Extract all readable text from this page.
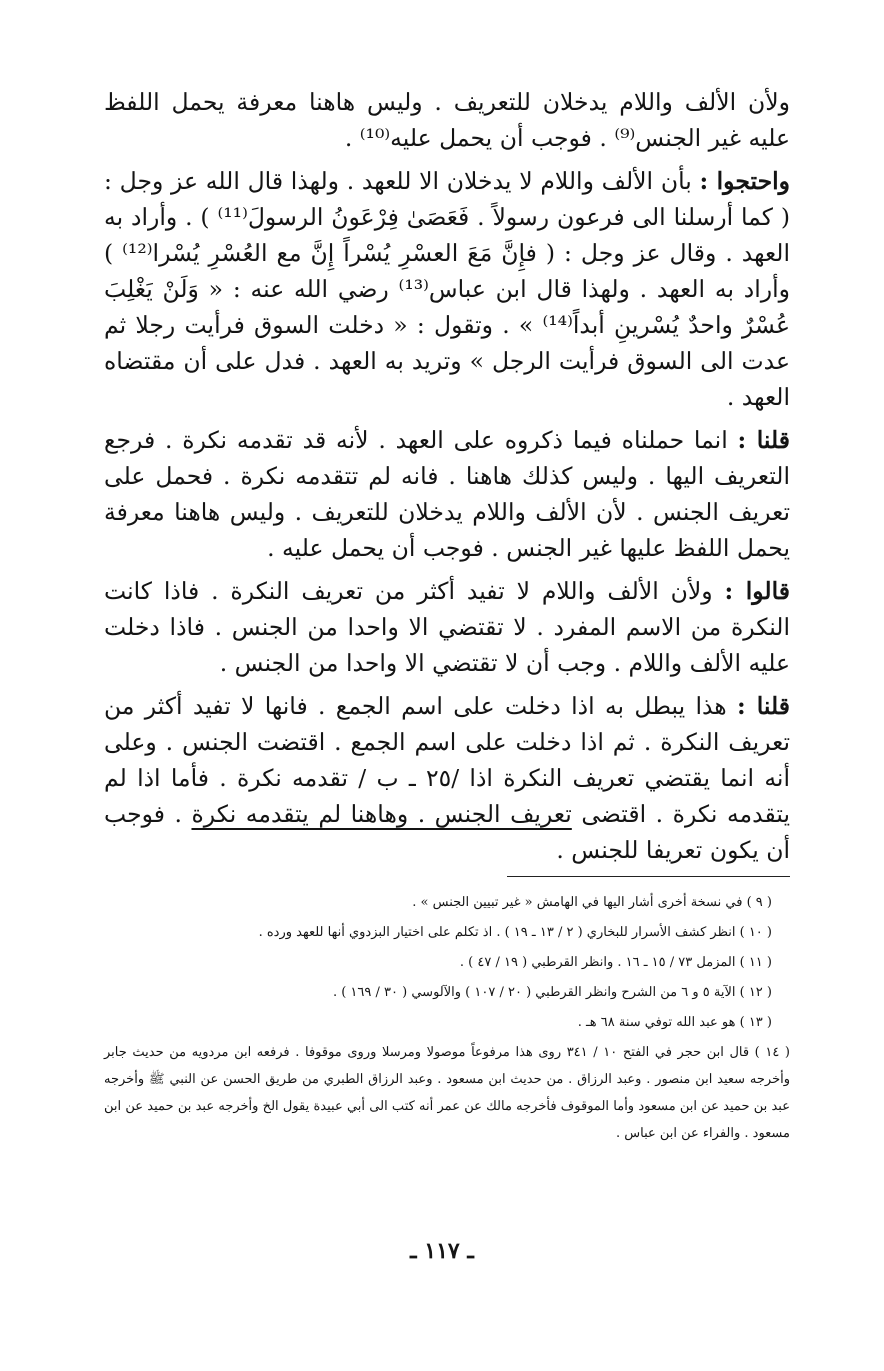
ولأن الألف واللام يدخلان للتعريف . وليس هاهنا معرفة يحمل اللفظ عليه غير الجنس⁽⁹⁾ . فوجب أن يحمل عليه⁽¹⁰⁾ .

واحتجوا : بأن الألف واللام لا يدخلان الا للعهد . ولهذا قال الله عز وجل : ( كما أرسلنا الى فرعون رسولاً . فَعَصَىٰ فِرْعَونُ الرسولَ⁽¹¹⁾ ) . وأراد به العهد . وقال عز وجل : ( فإِنَّ مَعَ العسْرِ يُسْراً إِنَّ مع العُسْرِ يُسْرا⁽¹²⁾ ) وأراد به العهد . ولهذا قال ابن عباس⁽¹³⁾ رضي الله عنه : « وَلَنْ يَغْلِبَ عُسْرٌ واحدٌ يُسْرينِ أبداً⁽¹⁴⁾ » . وتقول : « دخلت السوق فرأيت رجلا ثم عدت الى السوق فرأيت الرجل » وتريد به العهد . فدل على أن مقتضاه العهد .

قلنا : انما حملناه فيما ذكروه على العهد . لأنه قد تقدمه نكرة . فرجع التعريف اليها . وليس كذلك هاهنا . فانه لم تتقدمه نكرة . فحمل على تعريف الجنس . لأن الألف واللام يدخلان للتعريف . وليس هاهنا معرفة يحمل اللفظ عليها غير الجنس . فوجب أن يحمل عليه .

قالوا : ولأن الألف واللام لا تفيد أكثر من تعريف النكرة . فاذا كانت النكرة من الاسم المفرد . لا تقتضي الا واحدا من الجنس . فاذا دخلت عليه الألف واللام . وجب أن لا تقتضي الا واحدا من الجنس .

قلنا : هذا يبطل به اذا دخلت على اسم الجمع . فانها لا تفيد أكثر من تعريف النكرة . ثم اذا دخلت على اسم الجمع . اقتضت الجنس . وعلى أنه انما يقتضي تعريف النكرة اذا /٢٥ ـ ب / تقدمه نكرة . فأما اذا لم يتقدمه نكرة . اقتضى تعريف الجنس . وهاهنا لم يتقدمه نكرة . فوجب أن يكون تعريفا للجنس .

( ٩ ) في نسخة أخرى أشار اليها في الهامش « غير تبيين الجنس » .

( ١٠ ) انظر كشف الأسرار للبخاري ( ٢ / ١٣ ـ ١٩ ) . اذ تكلم على اختيار البزدوي أنها للعهد ورده .

( ١١ ) المزمل ٧٣ / ١٥ ـ ١٦ . وانظر القرطبي ( ١٩ / ٤٧ ) .

( ١٢ ) الآية ٥ و ٦ من الشرح وانظر القرطبي ( ٢٠ / ١٠٧ ) والآلوسي ( ٣٠ / ١٦٩ ) .

( ١٣ ) هو عبد الله توفي سنة ٦٨ هـ .

( ١٤ ) قال ابن حجر في الفتح ١٠ / ٣٤١ روى هذا مرفوعاً موصولا ومرسلا وروى موقوفا . فرفعه ابن مردويه من حديث جابر وأخرجه سعيد ابن منصور . وعبد الرزاق . من حديث ابن مسعود . وعبد الرزاق الطبري من طريق الحسن عن النبي ﷺ وأخرجه عبد بن حميد عن ابن مسعود وأما الموقوف فأخرجه مالك عن عمر أنه كتب الى أبي عبيدة يقول الخ وأخرجه عبد بن حميد عن ابن مسعود . والفراء عن ابن عباس .

ـ ١١٧ ـ
